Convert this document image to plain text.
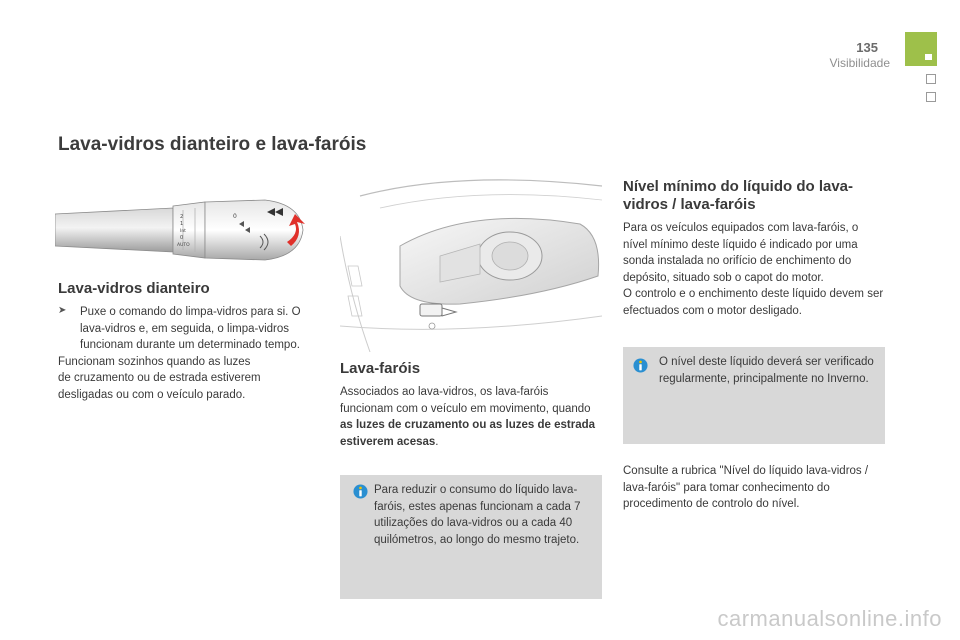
135
Visibilidade
Lava-vidros dianteiro e lava-faróis
2
1
Int
0
AUTO
0
Lava-vidros dianteiro
➤	Puxe o comando do limpa-vidros para si. O lava-vidros e, em seguida, o limpa-vidros funcionam durante um determinado tempo.
Funcionam sozinhos quando as luzes
de cruzamento ou de estrada estiverem
desligadas ou com o veículo parado.
Lava-faróis
Associados ao lava-vidros, os lava-faróis funcionam com o veículo em movimento, quando as luzes de cruzamento ou as luzes de estrada estiverem acesas.
Para reduzir o consumo do líquido lava-faróis, estes apenas funcionam a cada 7 utilizações do lava-vidros ou a cada 40 quilómetros, ao longo do mesmo trajeto.
Nível mínimo do líquido do lava-vidros / lava-faróis
Para os veículos equipados com lava-faróis, o nível mínimo deste líquido é indicado por uma sonda instalada no orifício de enchimento do depósito, situado sob o capot do motor.
O controlo e o enchimento deste líquido devem ser efectuados com o motor desligado.
O nível deste líquido deverá ser verificado regularmente, principalmente no Inverno.
Consulte a rubrica "Nível do líquido lava-vidros / lava-faróis" para tomar conhecimento do procedimento de controlo do nível.
carmanualsonline.info
